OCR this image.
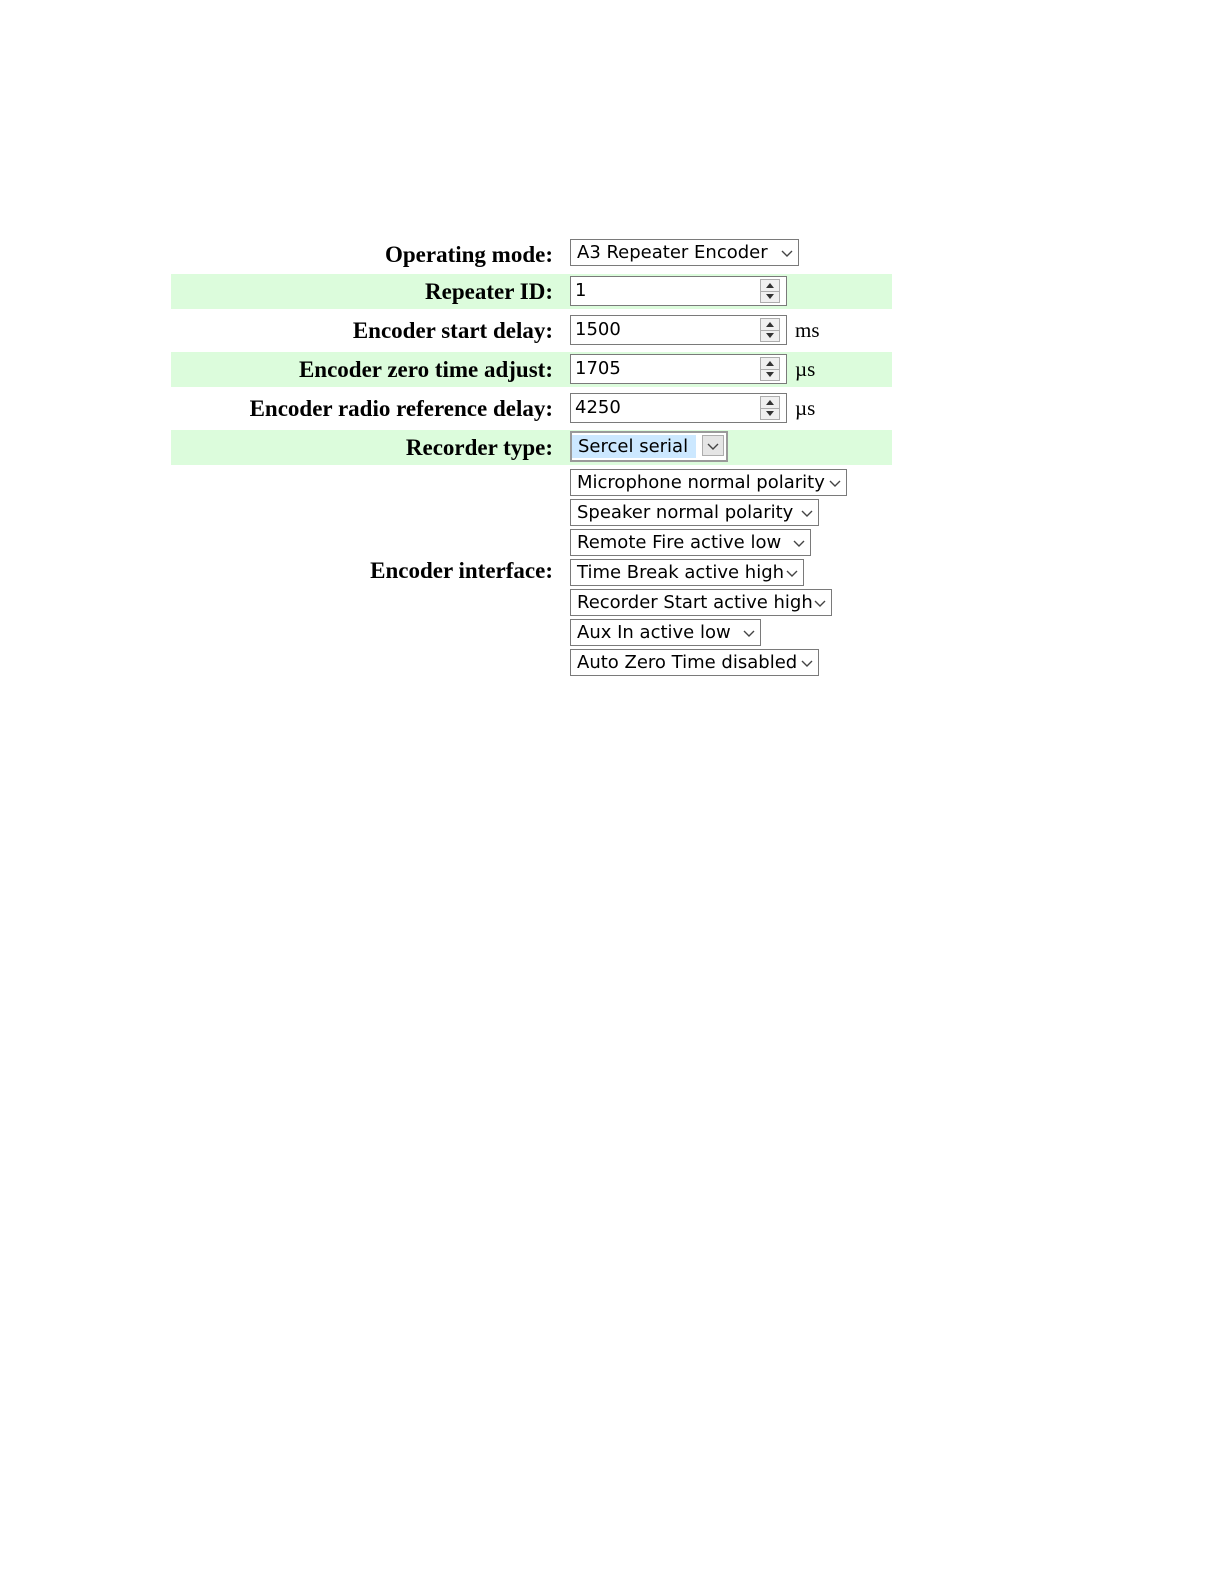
Operating mode:	A3 Repeater Encoder
Repeater ID: 1
Encoder start delay: 1500	ms
Encoder zero time adjust: 1705	µs
Encoder radio reference delay: 4250	µs
Recorder type:	Sercel serial
Encoder interface:
Microphone normal polarity
Speaker normal polarity
Remote Fire active low
Time Break active high
Recorder Start active high
Aux In active low
Auto Zero Time disabled
